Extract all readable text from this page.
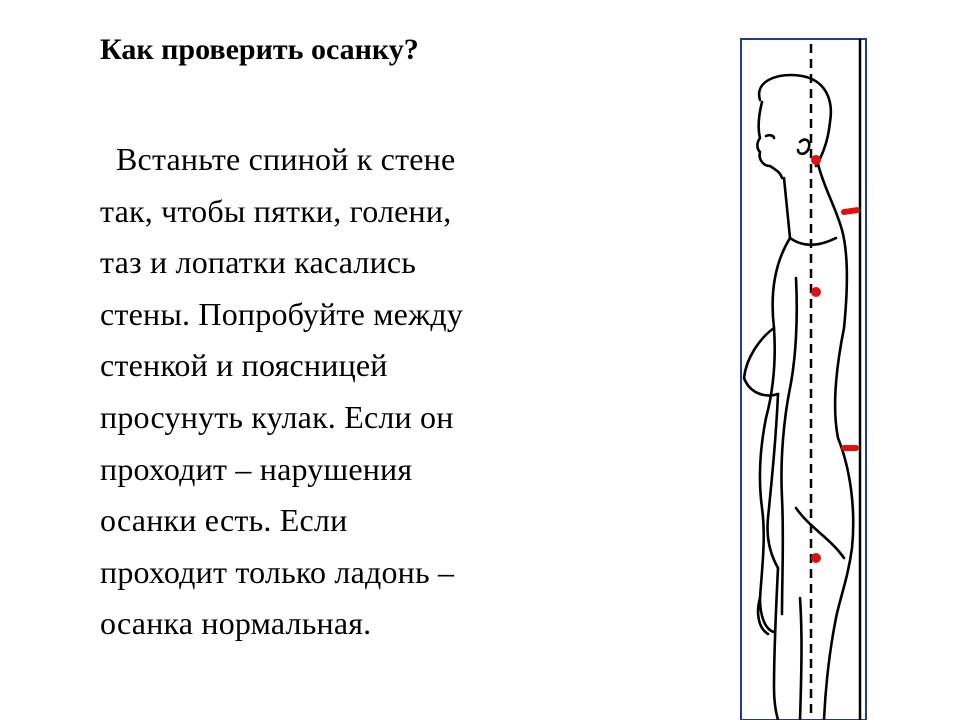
Как проверить осанку?
Встаньте спиной к стене
так, чтобы пятки, голени,
таз и лопатки касались
стены. Попробуйте между
стенкой и поясницей
просунуть кулак. Если он
проходит – нарушения
осанки есть. Если
проходит только ладонь –
осанка нормальная.
